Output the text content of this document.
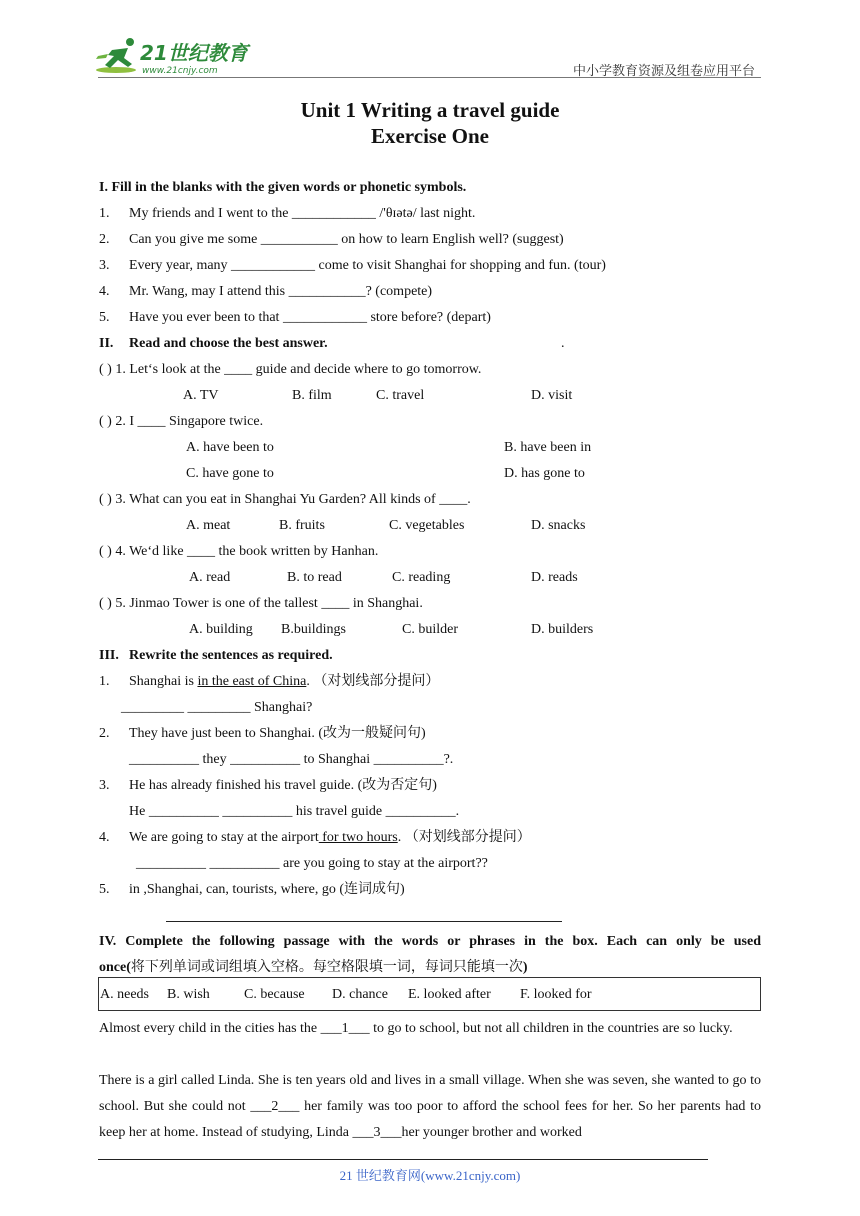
21世纪教育
www.21cnjy.com	中小学教育资源及组卷应用平台
Unit 1 Writing a travel guide
Exercise One
I. Fill in the blanks with the given words or phonetic symbols.
1. My friends and I went to the ____________ /'θɪətə/ last night.
2. Can you give me some ___________ on how to learn English well? (suggest)
3. Every year, many ____________ come to visit Shanghai for shopping and fun. (tour)
4. Mr. Wang, may I attend this ___________? (compete)
5. Have you ever been to that ____________ store before? (depart)
II. Read and choose the best answer.	.
( ) 1. Let‘s look at the ____ guide and decide where to go tomorrow.
A. TV	B. film	C. travel	D. visit
( ) 2. I ____ Singapore twice.
A. have been to	B. have been in
C. have gone to	D. has gone to
( ) 3. What can you eat in Shanghai Yu Garden? All kinds of ____.
A. meat	B. fruits	C. vegetables	D. snacks
( ) 4. We‘d like ____ the book written by Hanhan.
A. read	B. to read	C. reading	D. reads
( ) 5. Jinmao Tower is one of the tallest ____ in Shanghai.
A. building B.buildings	C. builder	D. builders
III. Rewrite the sentences as required.
1. Shanghai is in the east of China. （对划线部分提问）
_________ _________ Shanghai?
2. They have just been to Shanghai. (改为一般疑问句)
__________ they __________ to Shanghai __________?.
3. He has already finished his travel guide. (改为否定句)
He __________ __________ his travel guide __________.
4. We are going to stay at the airport for two hours. （对划线部分提问）
__________ __________ are you going to stay at the airport??
5. in ,Shanghai, can, tourists, where, go (连词成句)
IV. Complete the following passage with the words or phrases in the box. Each can only be used
once(将下列单词或词组填入空格。每空格限填一词，每词只能填一次)
A. needs B. wish C. because D. chance E. looked after F. looked for
Almost every child in the cities has the ___1___ to go to school, but not all children in the countries are so lucky.
There is a girl called Linda. She is ten years old and lives in a small village. When she was seven, she wanted to go to school. But she could not ___2___ her family was too poor to afford the school fees for her. So her parents had to keep her at home. Instead of studying, Linda ___3___her younger brother and worked
21 世纪教育网(www.21cnjy.com)
